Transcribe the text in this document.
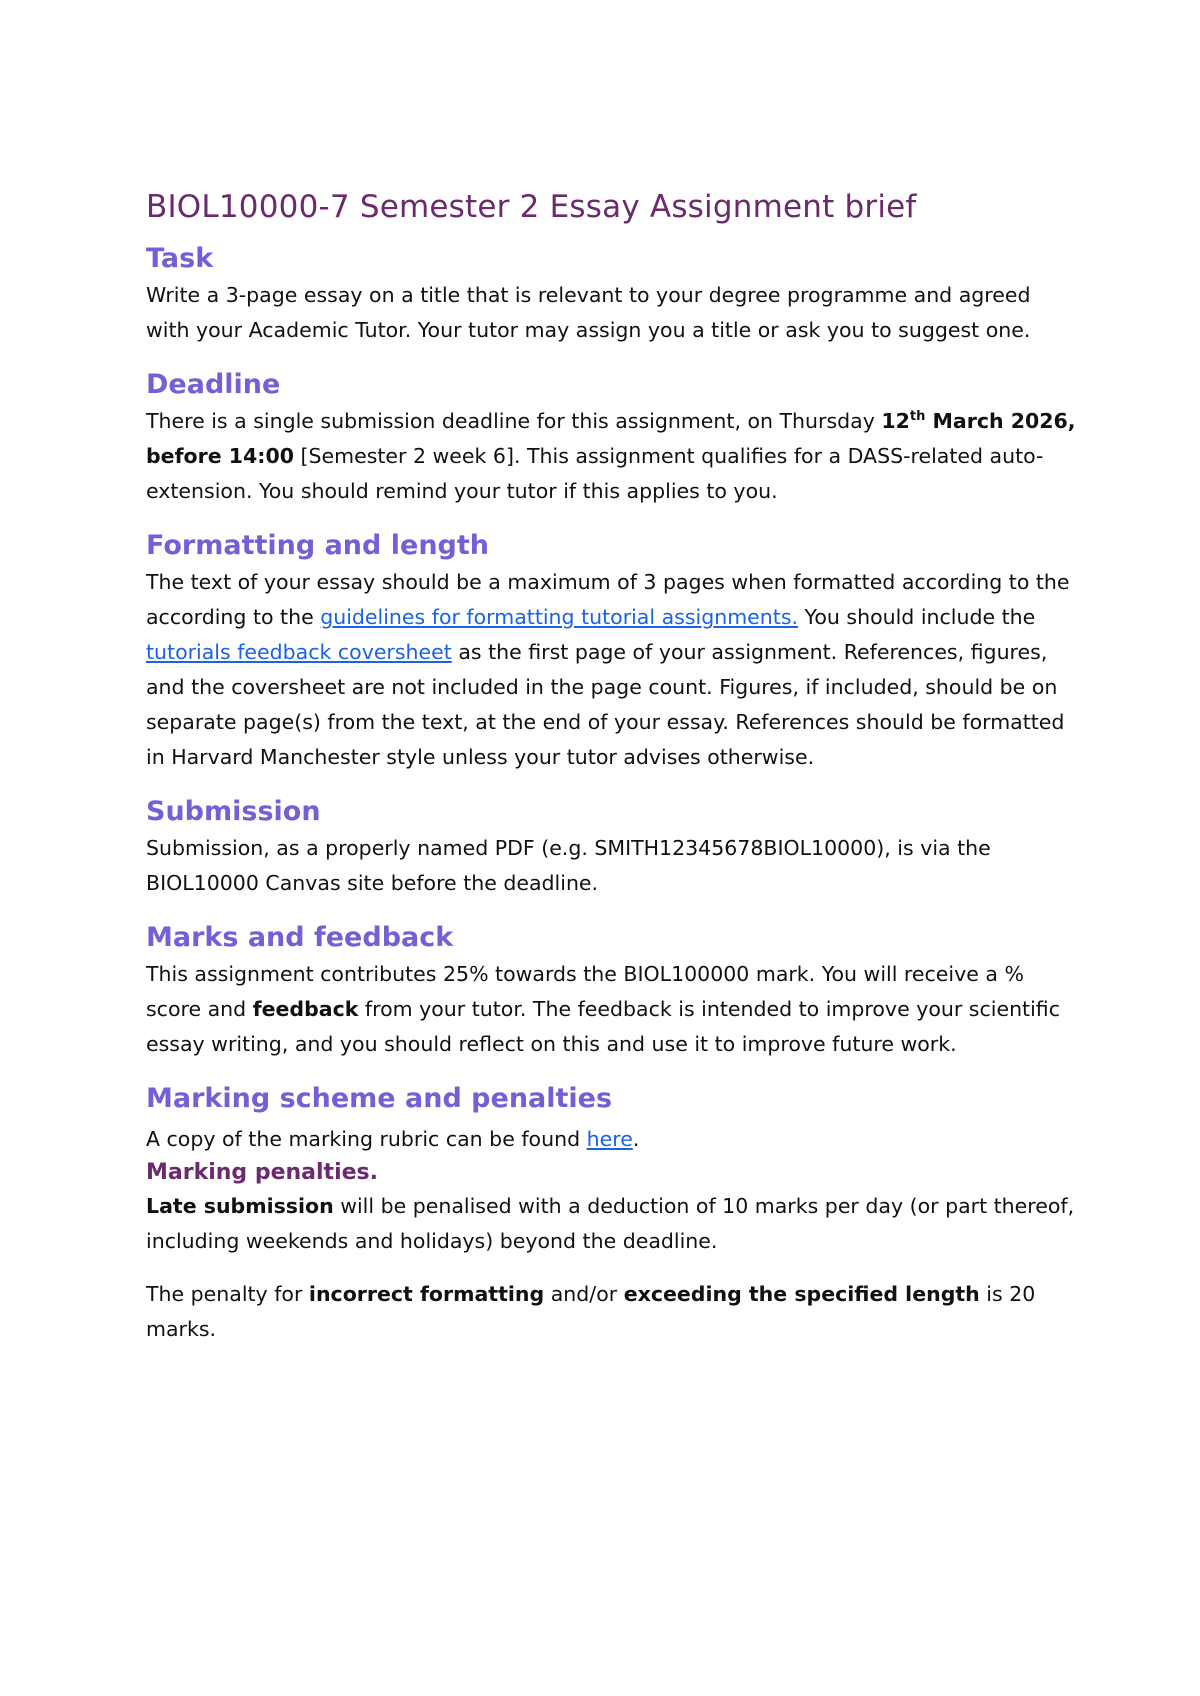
BIOL10000-7 Semester 2 Essay Assignment brief
Task

Write a 3-page essay on a title that is relevant to your degree programme and agreed with your Academic Tutor. Your tutor may assign you a title or ask you to suggest one.

Deadline

There is a single submission deadline for this assignment, on Thursday 12th March 2026, before 14:00 [Semester 2 week 6]. This assignment qualifies for a DASS-related auto-extension. You should remind your tutor if this applies to you.

Formatting and length

The text of your essay should be a maximum of 3 pages when formatted according to the according to the guidelines for formatting tutorial assignments. You should include the tutorials feedback coversheet as the first page of your assignment. References, figures, and the coversheet are not included in the page count. Figures, if included, should be on separate page(s) from the text, at the end of your essay. References should be formatted in Harvard Manchester style unless your tutor advises otherwise.

Submission

Submission, as a properly named PDF (e.g. SMITH12345678BIOL10000), is via the BIOL10000 Canvas site before the deadline.

Marks and feedback

This assignment contributes 25% towards the BIOL100000 mark. You will receive a % score and feedback from your tutor. The feedback is intended to improve your scientific essay writing, and you should reflect on this and use it to improve future work.

Marking scheme and penalties

A copy of the marking rubric can be found here.

Marking penalties.

Late submission will be penalised with a deduction of 10 marks per day (or part thereof, including weekends and holidays) beyond the deadline.

The penalty for incorrect formatting and/or exceeding the specified length is 20 marks.
